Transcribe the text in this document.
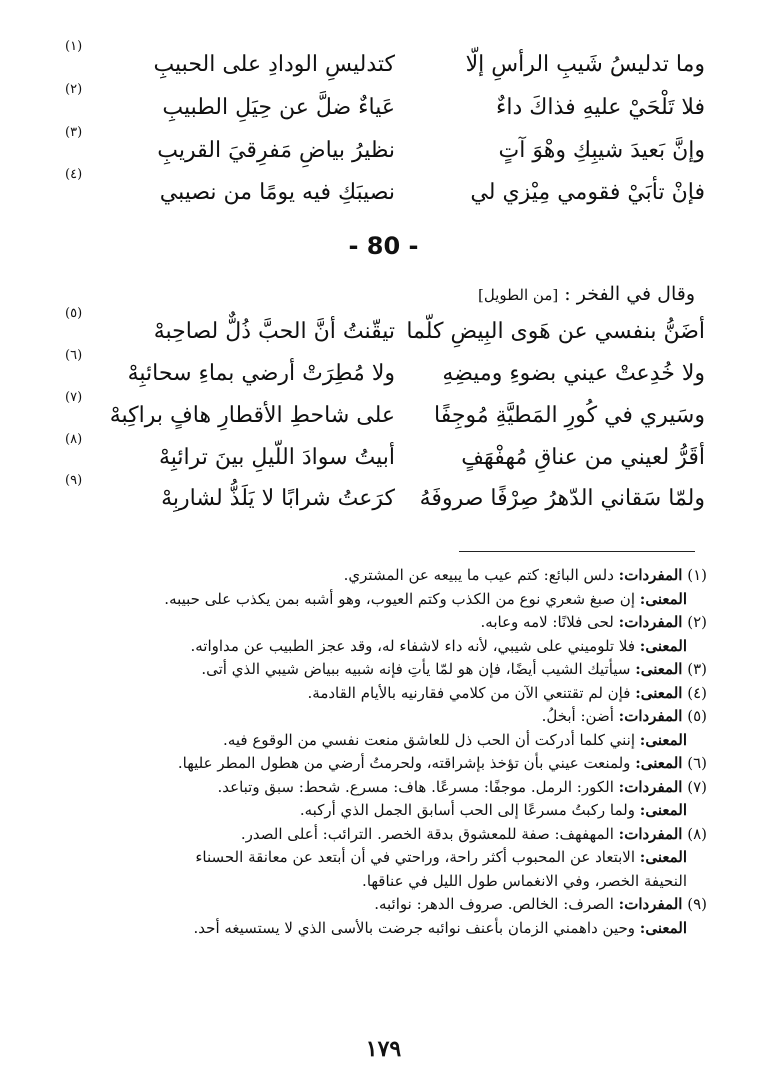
وما تدليسُ شَيبِ الرأسِ إلّا
كتدليسِ الودادِ على الحبيبِ
(١)
فلا تَلْحَيْ عليهِ فذاكَ داءٌ
عَياءٌ ضلَّ عن حِيَلِ الطبيبِ
(٢)
وإنَّ بَعيدَ شيبِكِ وهْوَ آتٍ
نظيرُ بياضِ مَفرِقيَ القريبِ
(٣)
فإنْ تأبَيْ فقومي مِيْزي لي
نصيبَكِ فيه يومًا من نصيبي
(٤)
- 80 -
وقال في الفخر : [من الطويل]
أضَنُّ بنفسي عن هَوى البِيضِ كلّما
تيقّنتُ أنَّ الحبَّ ذُلٌّ لصاحِبهْ
(٥)
ولا خُدِعتْ عيني بضوءِ وميضِهِ
ولا مُطِرَتْ أرضي بماءِ سحائبِهْ
(٦)
وسَيري في كُورِ المَطيَّةِ مُوجِفًا
على شاحطِ الأقطارِ هافٍ براكِبهْ
(٧)
أقَرُّ لعيني من عناقِ مُهفْهَفٍ
أبيتُ سوادَ اللّيلِ بينَ ترائبِهْ
(٨)
ولمّا سَقاني الدّهرُ صِرْفًا صروفَهُ
كرَعتُ شرابًا لا يَلَذُّ لشاربِهْ
(٩)
(١) المفردات: دلس البائع: كتم عيب ما يبيعه عن المشتري.
المعنى: إن صبغ شعري نوع من الكذب وكتم العيوب، وهو أشبه بمن يكذب على حبيبه.
(٢) المفردات: لحى فلانًا: لامه وعابه.
المعنى: فلا تلوميني على شيبي، لأنه داء لاشفاء له، وقد عجز الطبيب عن مداواته.
(٣) المعنى: سيأتيك الشيب أيضًا، فإن هو لمّا يأتِ فإنه شبيه ببياض شيبي الذي أتى.
(٤) المعنى: فإن لم تقتنعي الآن من كلامي فقارنيه بالأيام القادمة.
(٥) المفردات: أضن: أبخلُ.
المعنى: إنني كلما أدركت أن الحب ذل للعاشق منعت نفسي من الوقوع فيه.
(٦) المعنى: ولمنعت عيني بأن تؤخذ بإشراقته، ولحرمتُ أرضي من هطول المطر عليها.
(٧) المفردات: الكور: الرمل. موجفًا: مسرعًا. هاف: مسرع. شحط: سبق وتباعد.
المعنى: ولما ركبتُ مسرعًا إلى الحب أسابق الجمل الذي أركبه.
(٨) المفردات: المهفهف: صفة للمعشوق بدقة الخصر. الترائب: أعلى الصدر.
المعنى: الابتعاد عن المحبوب أكثر راحة، وراحتي في أن أبتعد عن معانقة الحسناء
النحيفة الخصر، وفي الانغماس طول الليل في عناقها.
(٩) المفردات: الصرف: الخالص. صروف الدهر: نوائبه.
المعنى: وحين داهمني الزمان بأعنف نوائبه جرضت بالأسى الذي لا يستسيغه أحد.
١٧٩
